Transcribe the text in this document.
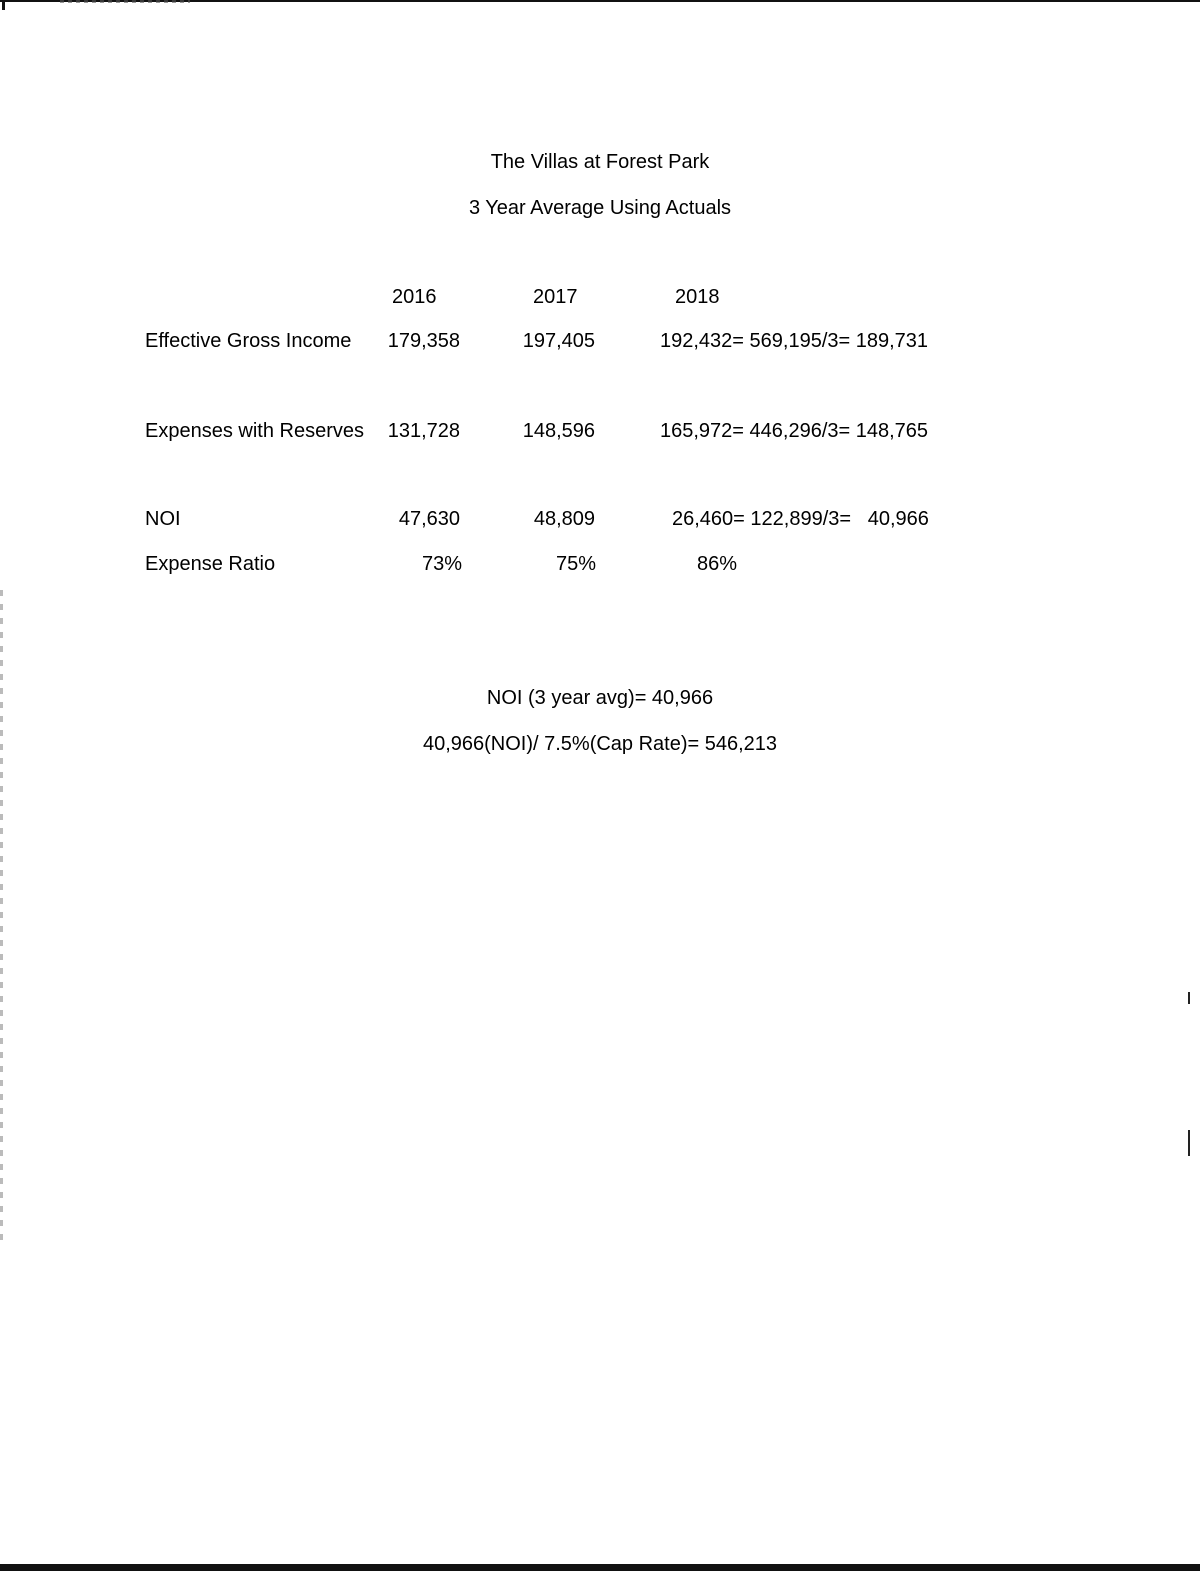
The Villas at Forest Park
3 Year Average Using Actuals
2016	2017	2018
Effective Gross Income 179,358	197,405	192,432= 569,195/3= 189,731
Expenses with Reserves 131,728	148,596	165,972= 446,296/3= 148,765
NOI	47,630	48,809	26,460= 122,899/3=   40,966
Expense Ratio	73%	75%	86%
NOI (3 year avg)= 40,966
40,966(NOI)/ 7.5%(Cap Rate)= 546,213
